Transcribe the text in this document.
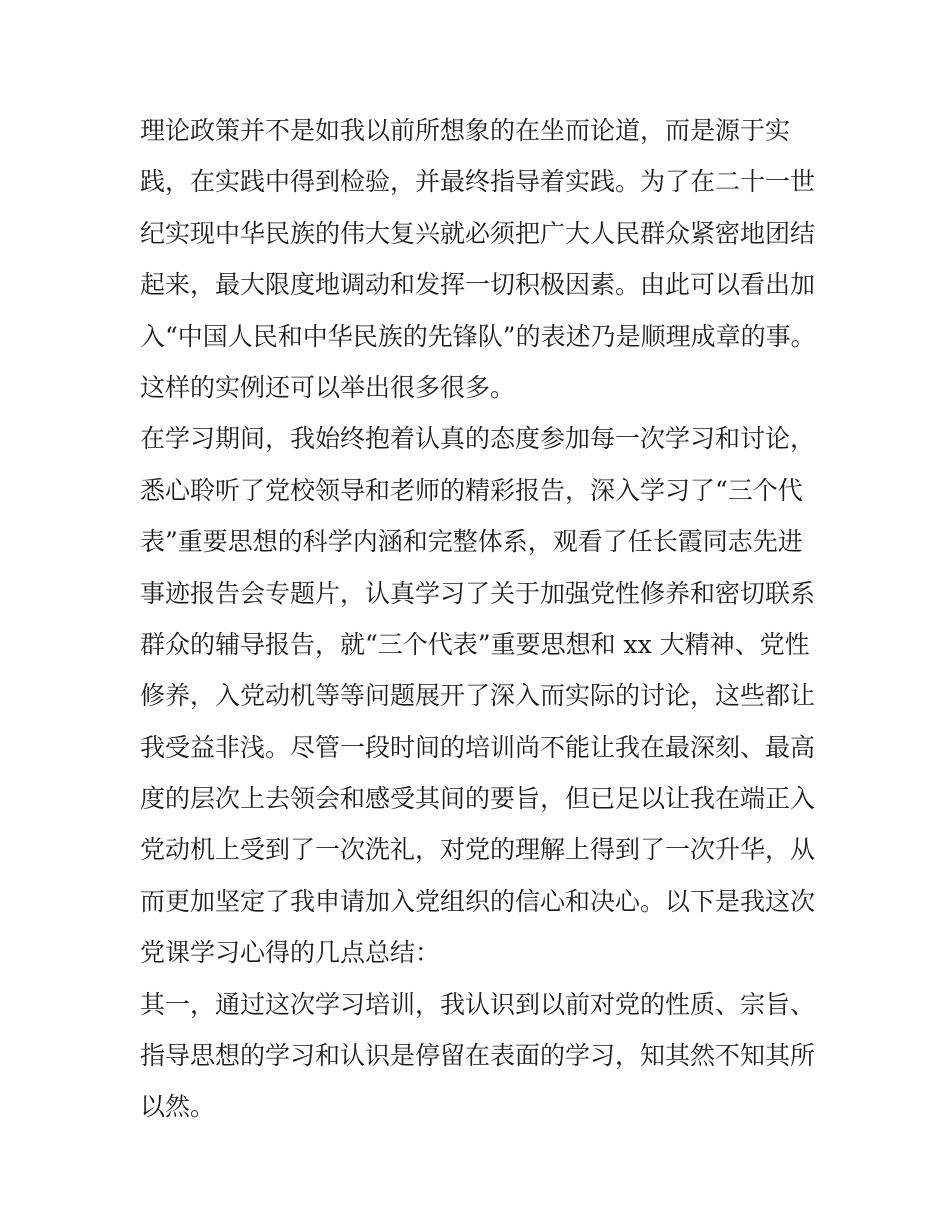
理论政策并不是如我以前所想象的在坐而论道，而是源于实
践，在实践中得到检验，并最终指导着实践。为了在二十一世
纪实现中华民族的伟大复兴就必须把广大人民群众紧密地团结
起来，最大限度地调动和发挥一切积极因素。由此可以看出加
入“中国人民和中华民族的先锋队”的表述乃是顺理成章的事。
这样的实例还可以举出很多很多。
在学习期间，我始终抱着认真的态度参加每一次学习和讨论，
悉心聆听了党校领导和老师的精彩报告，深入学习了“三个代
表”重要思想的科学内涵和完整体系，观看了任长霞同志先进
事迹报告会专题片，认真学习了关于加强党性修养和密切联系
群众的辅导报告，就“三个代表”重要思想和 xx 大精神、党性
修养，入党动机等等问题展开了深入而实际的讨论，这些都让
我受益非浅。尽管一段时间的培训尚不能让我在最深刻、最高
度的层次上去领会和感受其间的要旨，但已足以让我在端正入
党动机上受到了一次洗礼，对党的理解上得到了一次升华，从
而更加坚定了我申请加入党组织的信心和决心。以下是我这次
党课学习心得的几点总结：
其一，通过这次学习培训，我认识到以前对党的性质、宗旨、
指导思想的学习和认识是停留在表面的学习，知其然不知其所
以然。
